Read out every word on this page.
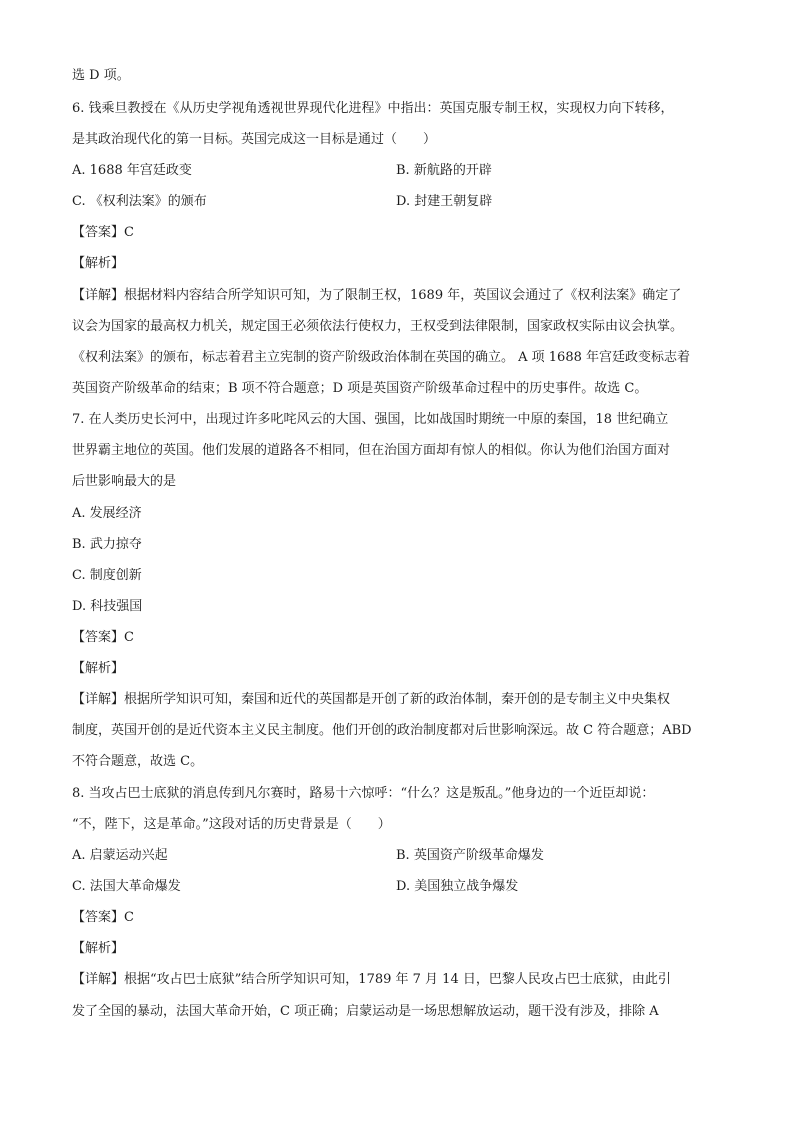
选 D 项。
6. 钱乘旦教授在《从历史学视角透视世界现代化进程》中指出：英国克服专制王权，实现权力向下转移，
是其政治现代化的第一目标。英国完成这一目标是通过（　　）
A. 1688 年宫廷政变	B. 新航路的开辟
C. 《权利法案》的颁布	D. 封建王朝复辟
【答案】C
【解析】
【详解】根据材料内容结合所学知识可知，为了限制王权，1689 年，英国议会通过了《权利法案》确定了
议会为国家的最高权力机关，规定国王必须依法行使权力，王权受到法律限制，国家政权实际由议会执掌。
《权利法案》的颁布，标志着君主立宪制的资产阶级政治体制在英国的确立。 A 项 1688 年宫廷政变标志着
英国资产阶级革命的结束；B 项不符合题意；D 项是英国资产阶级革命过程中的历史事件。故选 C。
7. 在人类历史长河中，出现过许多叱咤风云的大国、强国，比如战国时期统一中原的秦国，18 世纪确立
世界霸主地位的英国。他们发展的道路各不相同，但在治国方面却有惊人的相似。你认为他们治国方面对
后世影响最大的是
A. 发展经济
B. 武力掠夺
C. 制度创新
D. 科技强国
【答案】C
【解析】
【详解】根据所学知识可知，秦国和近代的英国都是开创了新的政治体制，秦开创的是专制主义中央集权
制度，英国开创的是近代资本主义民主制度。他们开创的政治制度都对后世影响深远。故 C 符合题意；ABD
不符合题意，故选 C。
8. 当攻占巴士底狱的消息传到凡尔赛时，路易十六惊呼：“什么？这是叛乱。”他身边的一个近臣却说：
“不，陛下，这是革命。”这段对话的历史背景是（　　）
A. 启蒙运动兴起	B. 英国资产阶级革命爆发
C. 法国大革命爆发	D. 美国独立战争爆发
【答案】C
【解析】
【详解】根据“攻占巴士底狱”结合所学知识可知，1789 年 7 月 14 日，巴黎人民攻占巴士底狱，由此引
发了全国的暴动，法国大革命开始，C 项正确；启蒙运动是一场思想解放运动，题干没有涉及，排除 A
